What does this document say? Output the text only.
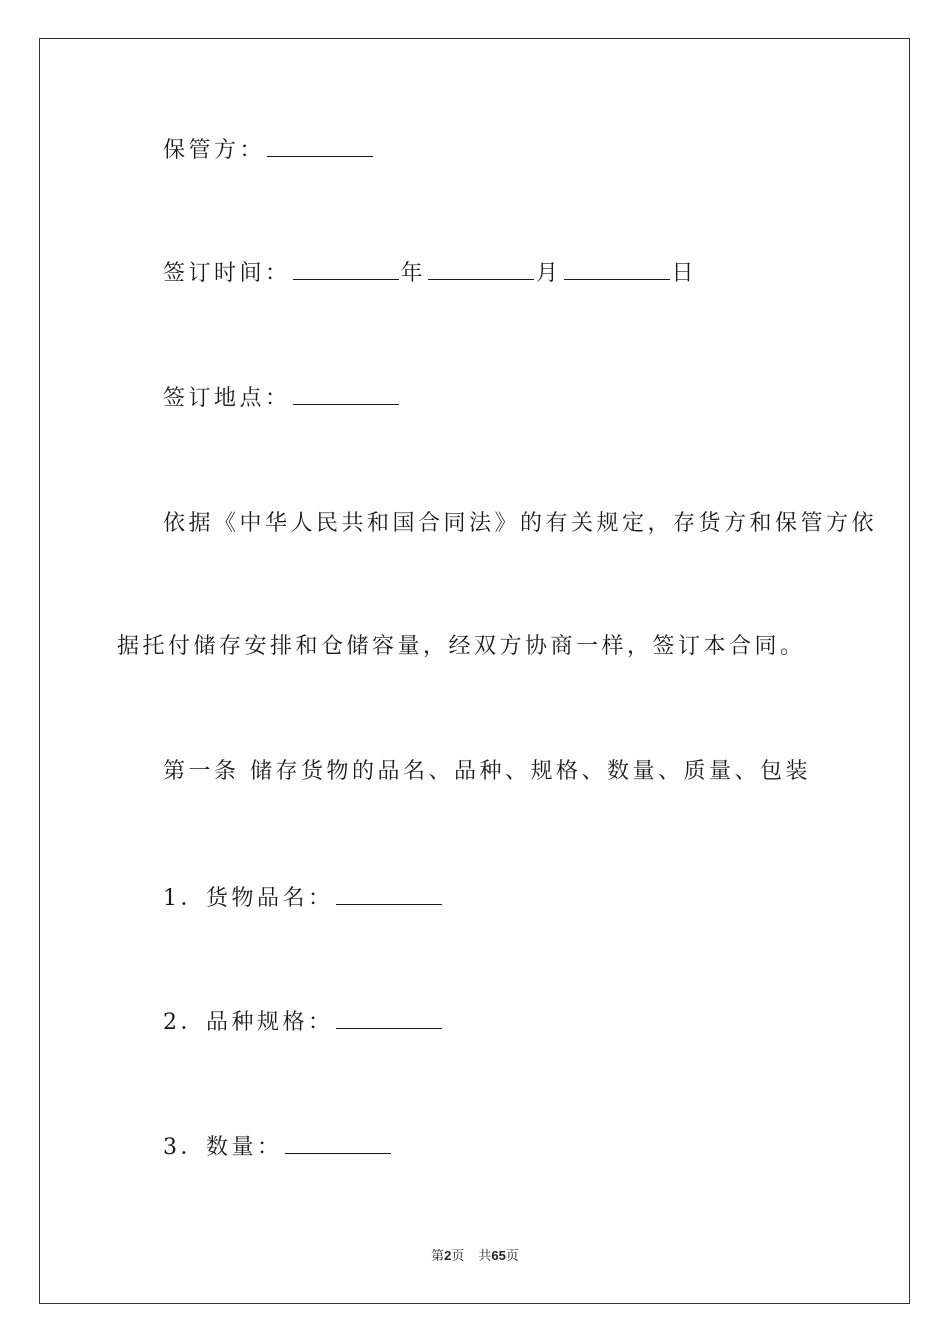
保管方：
签订时间：	年	月	日
签订地点：
依据《中华人民共和国合同法》的有关规定，存货方和保管方依
据托付储存安排和仓储容量，经双方协商一样，签订本合同。
第一条 储存货物的品名、品种、规格、数量、质量、包装
1．货物品名：
2．品种规格：
3．数量：
第2页 共65页
